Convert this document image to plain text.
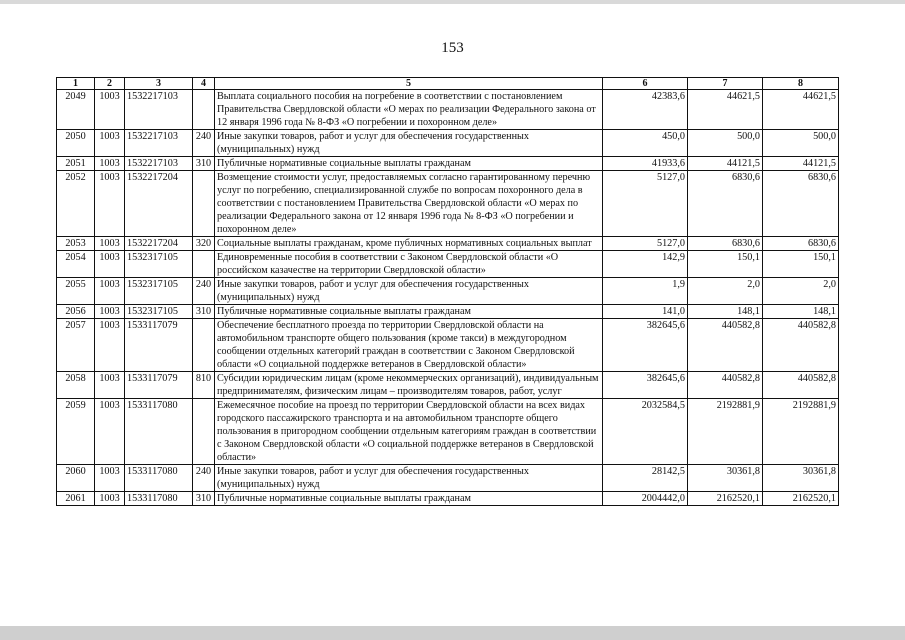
153
1	2	3	4	5	6	7	8
2049	1003	1532217103		Выплата социального пособия на погребение в соответствии с постановлением Правительства Свердловской области «О мерах по реализации Федерального закона от 12 января 1996 года № 8-ФЗ «О погребении и похоронном деле»	42383,6	44621,5	44621,5
2050	1003	1532217103	240	Иные закупки товаров, работ и услуг для обеспечения государственных (муниципальных) нужд	450,0	500,0	500,0
2051	1003	1532217103	310	Публичные нормативные социальные выплаты гражданам	41933,6	44121,5	44121,5
2052	1003	1532217204		Возмещение стоимости услуг, предоставляемых согласно гарантированному перечню услуг по погребению, специализированной службе по вопросам похоронного дела в соответствии с постановлением Правительства Свердловской области «О мерах по реализации Федерального закона от 12 января 1996 года № 8-ФЗ «О погребении и похоронном деле»	5127,0	6830,6	6830,6
2053	1003	1532217204	320	Социальные выплаты гражданам, кроме публичных нормативных социальных выплат	5127,0	6830,6	6830,6
2054	1003	1532317105		Единовременные пособия в соответствии с Законом Свердловской области «О российском казачестве на территории Свердловской области»	142,9	150,1	150,1
2055	1003	1532317105	240	Иные закупки товаров, работ и услуг для обеспечения государственных (муниципальных) нужд	1,9	2,0	2,0
2056	1003	1532317105	310	Публичные нормативные социальные выплаты гражданам	141,0	148,1	148,1
2057	1003	1533117079		Обеспечение бесплатного проезда по территории Свердловской области на автомобильном транспорте общего пользования (кроме такси) в междугородном сообщении отдельных категорий граждан в соответствии с Законом Свердловской области «О социальной поддержке ветеранов в Свердловской области»	382645,6	440582,8	440582,8
2058	1003	1533117079	810	Субсидии юридическим лицам (кроме некоммерческих организаций), индивидуальным предпринимателям, физическим лицам – производителям товаров, работ, услуг	382645,6	440582,8	440582,8
2059	1003	1533117080		Ежемесячное пособие на проезд по территории Свердловской области на всех видах городского пассажирского транспорта и на автомобильном транспорте общего пользования в пригородном сообщении отдельным категориям граждан в соответствии с Законом Свердловской области «О социальной поддержке ветеранов в Свердловской области»	2032584,5	2192881,9	2192881,9
2060	1003	1533117080	240	Иные закупки товаров, работ и услуг для обеспечения государственных (муниципальных) нужд	28142,5	30361,8	30361,8
2061	1003	1533117080	310	Публичные нормативные социальные выплаты гражданам	2004442,0	2162520,1	2162520,1
